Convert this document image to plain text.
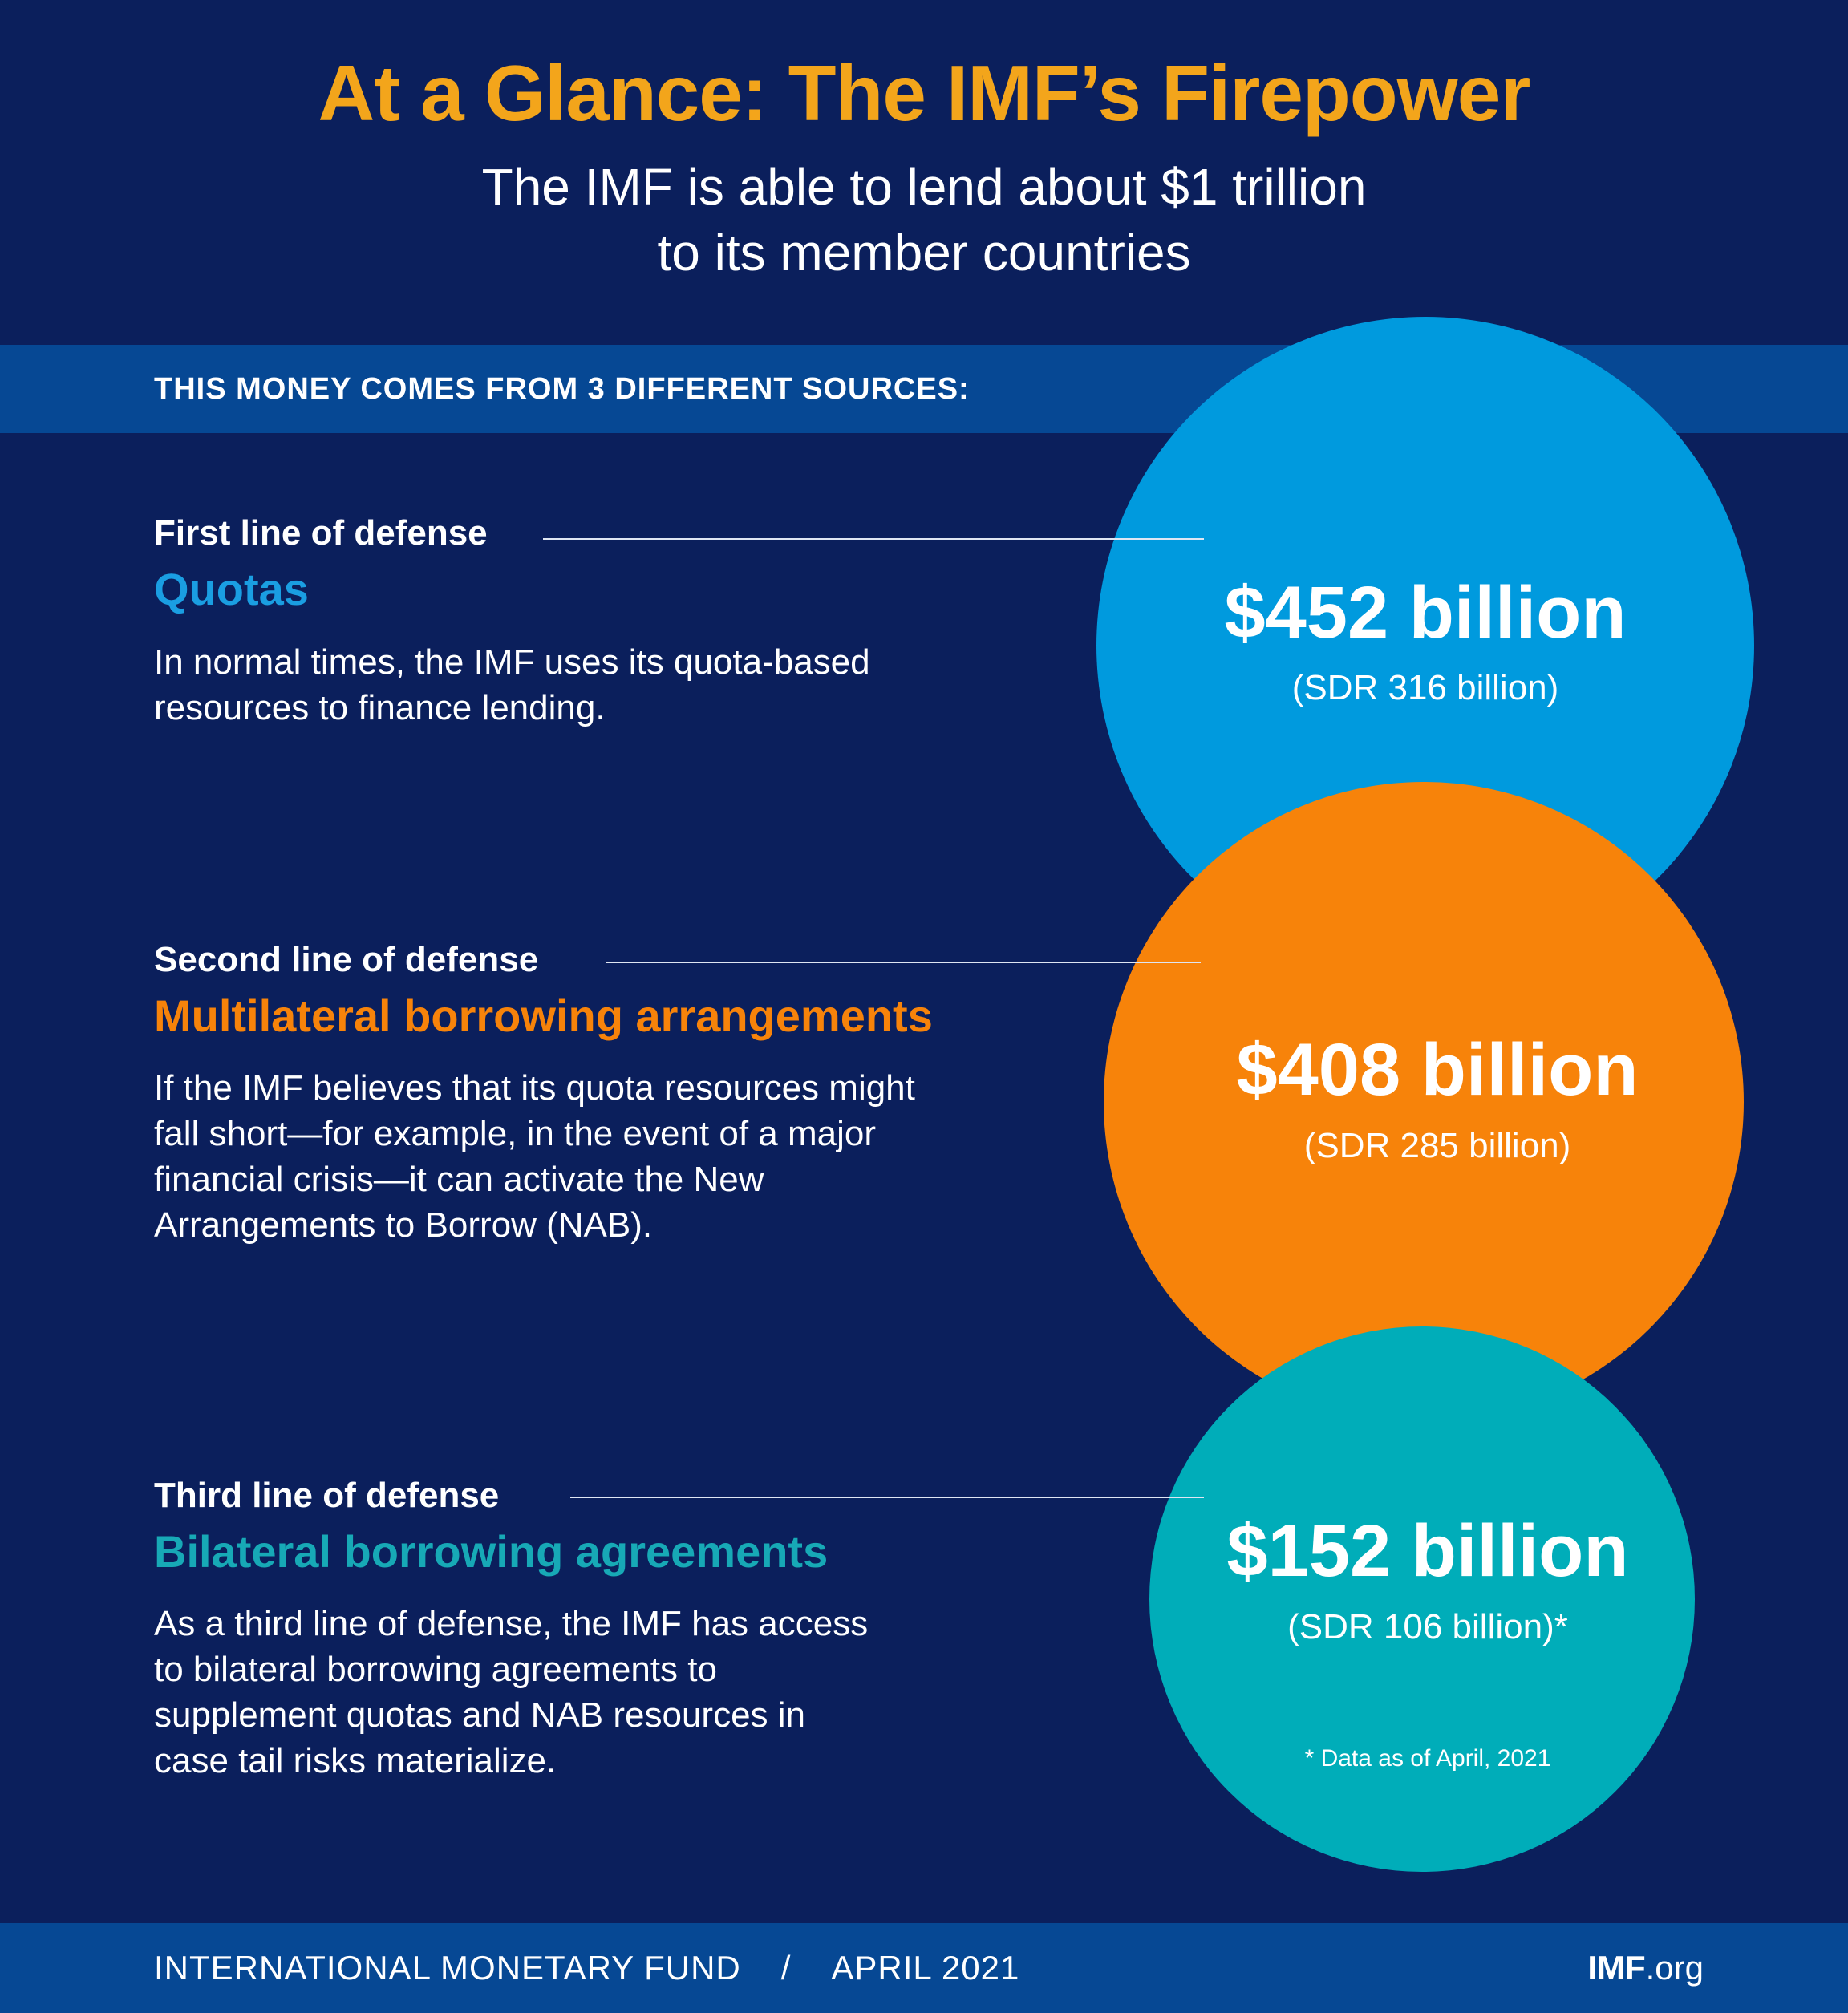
At a Glance: The IMF’s Firepower
The IMF is able to lend about $1 trillion
to its member countries
THIS MONEY COMES FROM 3 DIFFERENT SOURCES:
$452 billion
(SDR 316 billion)
$408 billion
(SDR 285 billion)
$152 billion
(SDR 106 billion)*
* Data as of April, 2021
First line of defense
Quotas
In normal times, the IMF uses its quota-based
resources to finance lending.
Second line of defense
Multilateral borrowing arrangements
If the IMF believes that its quota resources might
fall short—for example, in the event of a major
financial crisis—it can activate the New
Arrangements to Borrow (NAB).
Third line of defense
Bilateral borrowing agreements
As a third line of defense, the IMF has access
to bilateral borrowing agreements to
supplement quotas and NAB resources in
case tail risks materialize.
INTERNATIONAL MONETARY FUND / APRIL 2021	IMF.org
